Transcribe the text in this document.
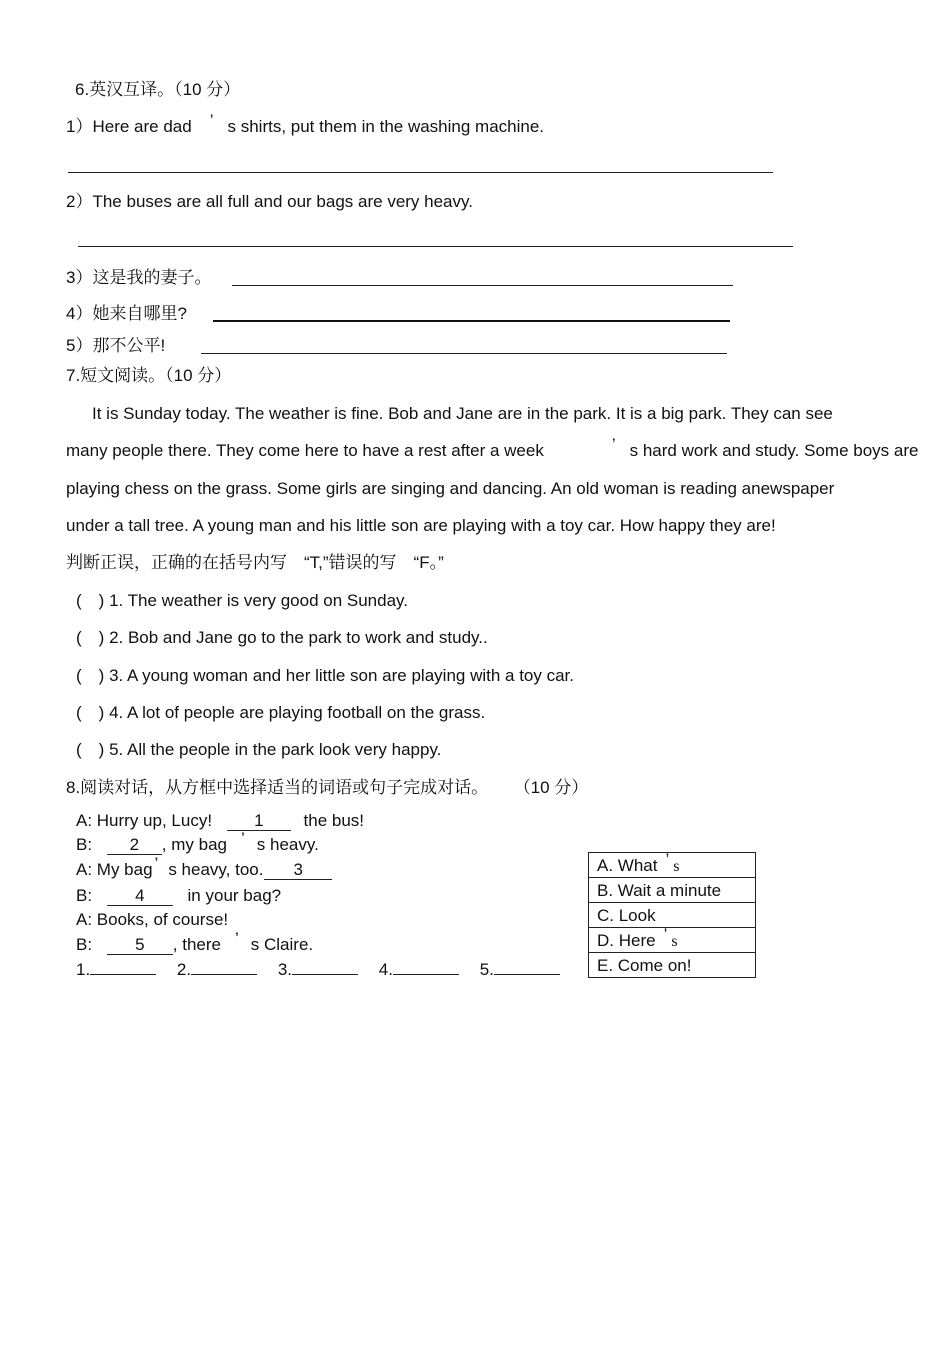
6.英汉互译。（10 分）
1）Here are dad ’ s shirts, put them in the washing machine.
2）The buses are all full and our bags are very heavy.
3）这是我的妻子。
4）她来自哪里?
5）那不公平!
7.短文阅读。（10 分）
It is Sunday today. The weather is fine. Bob and Jane are in the park. It is a big park. They can see
many people there. They come here to have a rest after a week	’ s hard work and study. Some boys are
playing chess on the grass. Some girls are singing and dancing. An old woman is reading anewspaper
under a tall tree. A young man and his little son are playing with a toy car. How happy they are!
判断正误，正确的在括号内写　“T,”错误的写　“F。”
(　) 1. The weather is very good on Sunday.
(　) 2. Bob and Jane go to the park to work and study..
(　) 3. A young woman and her little son are playing with a toy car.
(　) 4. A lot of people are playing football on the grass.
(　) 5. All the people in the park look very happy.
8.阅读对话，从方框中选择适当的词语或句子完成对话。 （10 分）
A: Hurry up, Lucy! 1 the bus!
B: 2 , my bag ’ s heavy.
A: My bag ’ s heavy, too. 3
B:	4	in your bag?
A: Books, of course!
B:	5 , there ’ s Claire.
1.	2.	3.	4.	5.
A. What ’ s
B. Wait a minute
C. Look
D. Here ’ s
E. Come on!
